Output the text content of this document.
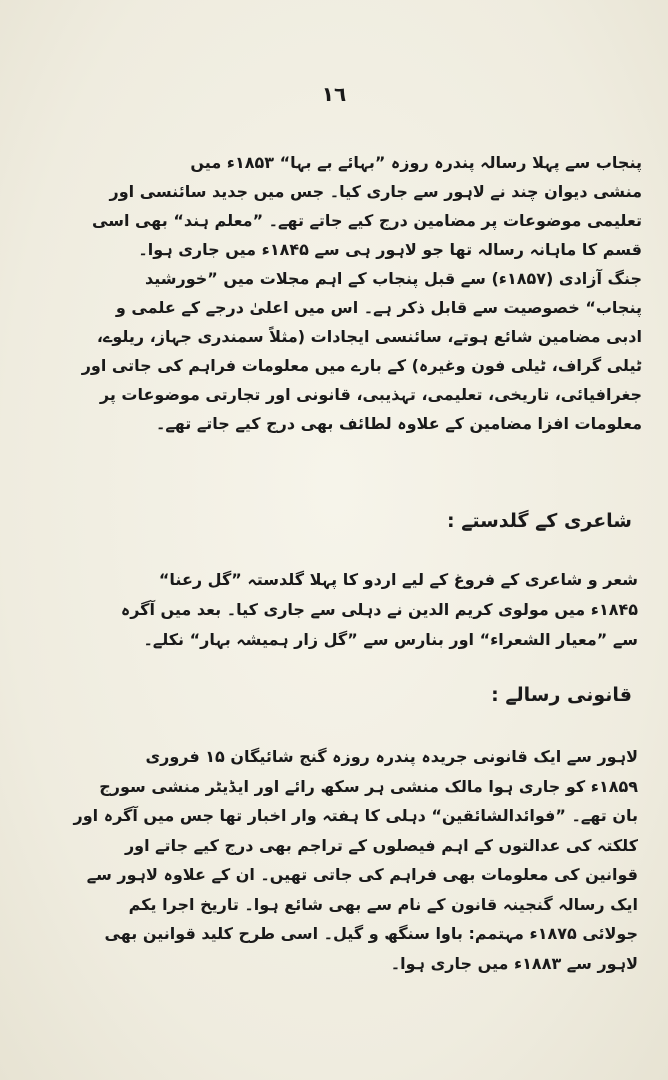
١٦
پنجاب سے پہلا رسالہ پندرہ روزہ ”بہائے بے بہا“ ۱۸۵۳ء میں
منشی دیوان چند نے لاہور سے جاری کیا۔ جس میں جدید سائنسی اور
تعلیمی موضوعات پر مضامین درج کیے جاتے تھے۔ ”معلم ہند“ بھی اسی
قسم کا ماہانہ رسالہ تھا جو لاہور ہی سے ۱۸۴۵ء میں جاری ہوا۔
جنگ آزادی (۱۸۵۷ء) سے قبل پنجاب کے اہم مجلات میں ”خورشید
پنجاب“ خصوصیت سے قابل ذکر ہے۔ اس میں اعلیٰ درجے کے علمی و
ادبی مضامین شائع ہوتے، سائنسی ایجادات (مثلاً سمندری جہاز، ریلوے،
ٹیلی گراف، ٹیلی فون وغیرہ) کے بارے میں معلومات فراہم کی جاتی اور
جغرافیائی، تاریخی، تعلیمی، تہذیبی، قانونی اور تجارتی موضوعات پر
معلومات افزا مضامین کے علاوہ لطائف بھی درج کیے جاتے تھے۔
شاعری کے گلدستے :
شعر و شاعری کے فروغ کے لیے اردو کا پہلا گلدستہ ”گل رعنا“
۱۸۴۵ء میں مولوی کریم الدین نے دہلی سے جاری کیا۔ بعد میں آگرہ
سے ”معیار الشعراء“ اور بنارس سے ”گل زار ہمیشہ بہار“ نکلے۔
قانونی رسالے :
لاہور سے ایک قانونی جریدہ پندرہ روزہ گنج شائیگان ۱۵ فروری
۱۸۵۹ء کو جاری ہوا مالک منشی ہر سکھ رائے اور ایڈیٹر منشی سورج
بان تھے۔ ”فوائدالشائقین“ دہلی کا ہفتہ وار اخبار تھا جس میں آگرہ اور
کلکتہ کی عدالتوں کے اہم فیصلوں کے تراجم بھی درج کیے جاتے اور
قوانین کی معلومات بھی فراہم کی جاتی تھیں۔ ان کے علاوہ لاہور سے
ایک رسالہ گنجینہ قانون کے نام سے بھی شائع ہوا۔ تاریخ اجرا یکم
جولائی ۱۸۷۵ء مہتمم: باوا سنگھ و گیل۔ اسی طرح کلید قوانین بھی
لاہور سے ۱۸۸۳ء میں جاری ہوا۔
